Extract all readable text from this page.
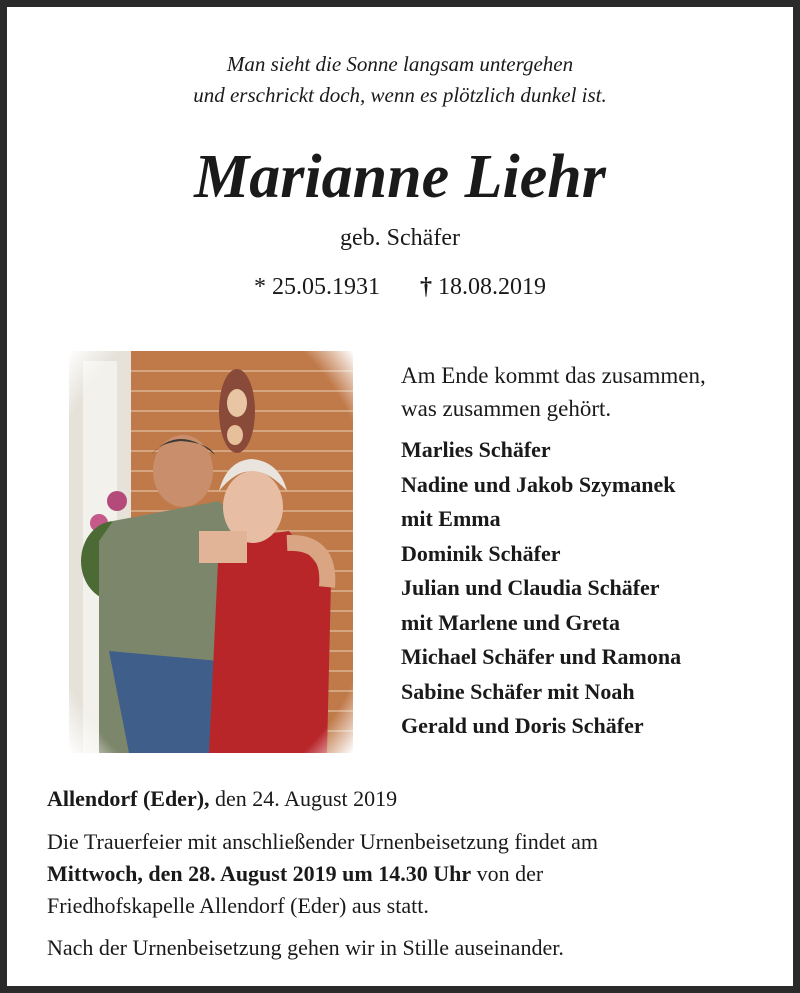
Man sieht die Sonne langsam untergehen
und erschrickt doch, wenn es plötzlich dunkel ist.
Marianne Liehr
geb. Schäfer
* 25.05.1931 † 18.08.2019
Am Ende kommt das zusammen,
was zusammen gehört.
Marlies Schäfer
Nadine und Jakob Szymanek
mit Emma
Dominik Schäfer
Julian und Claudia Schäfer
mit Marlene und Greta
Michael Schäfer und Ramona
Sabine Schäfer mit Noah
Gerald und Doris Schäfer

Allendorf (Eder), den 24. August 2019

Die Trauerfeier mit anschließender Urnenbeisetzung findet am
Mittwoch, den 28. August 2019 um 14.30 Uhr von der
Friedhofskapelle Allendorf (Eder) aus statt.

Nach der Urnenbeisetzung gehen wir in Stille auseinander.
